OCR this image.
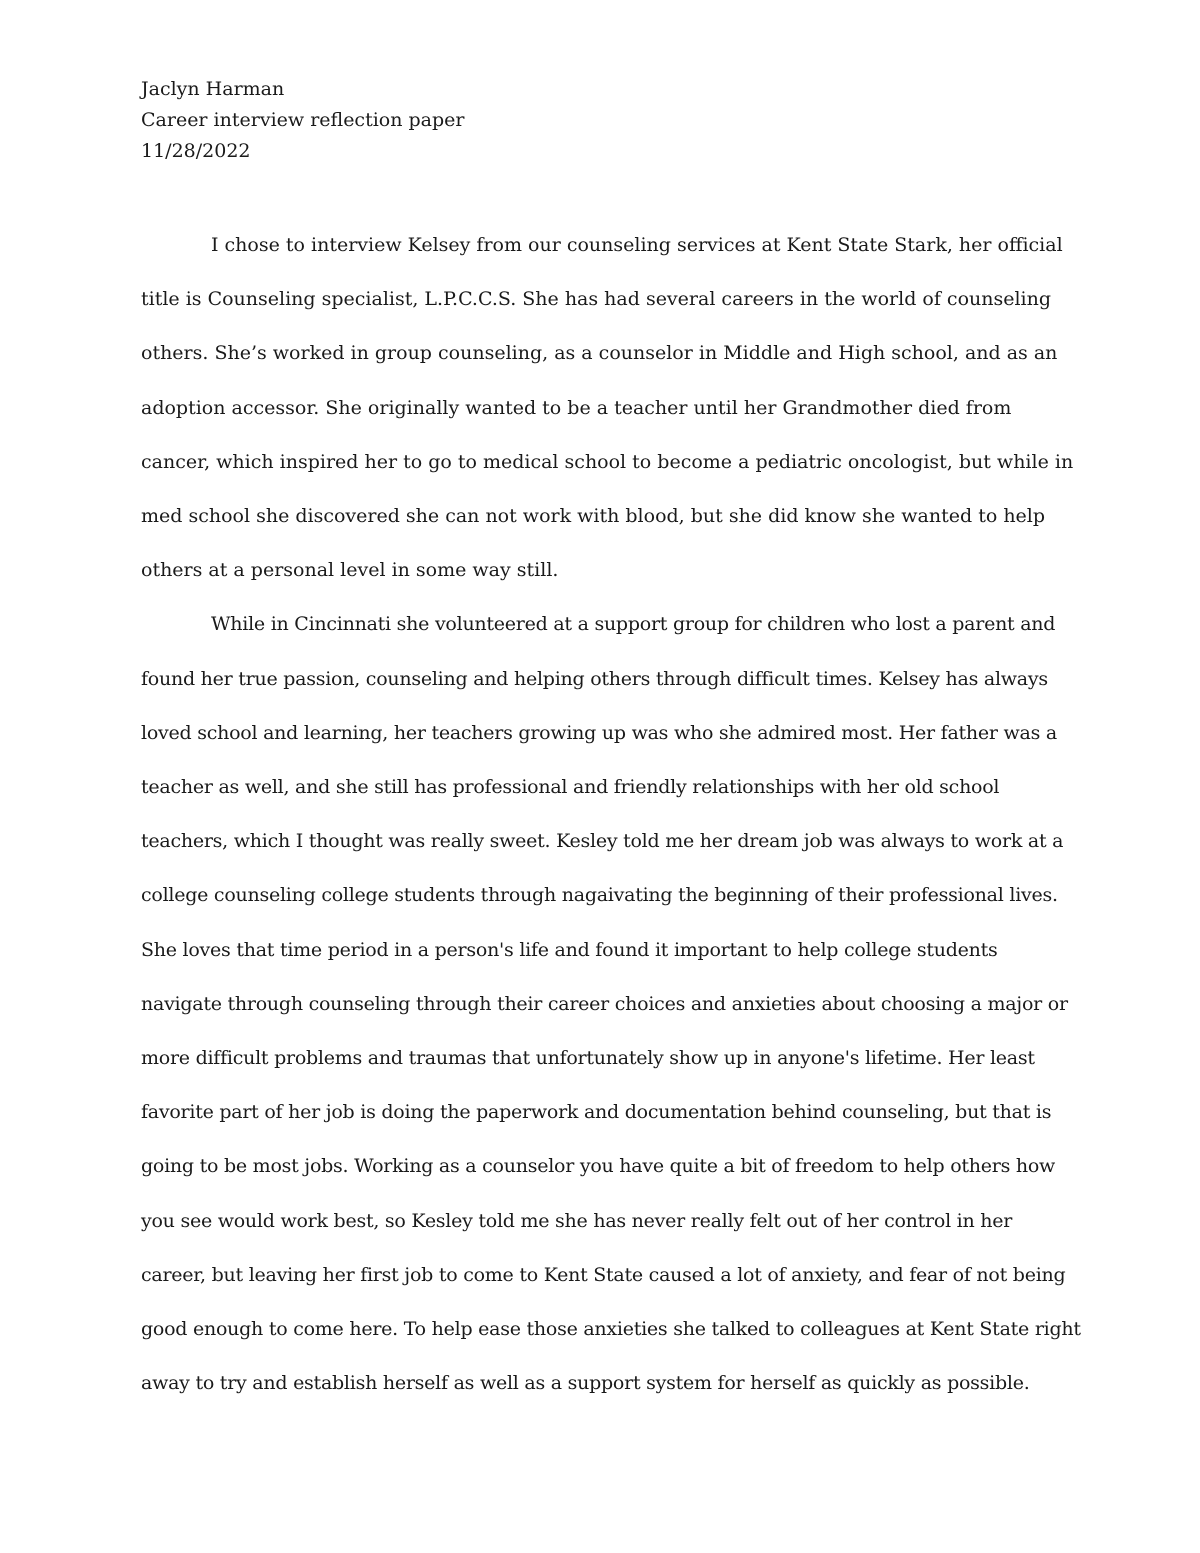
Jaclyn Harman
Career interview reflection paper
11/28/2022

I chose to interview Kelsey from our counseling services at Kent State Stark, her official title is Counseling specialist, L.P.C.C.S. She has had several careers in the world of counseling others. She’s worked in group counseling, as a counselor in Middle and High school, and as an adoption accessor. She originally wanted to be a teacher until her Grandmother died from cancer, which inspired her to go to medical school to become a pediatric oncologist, but while in med school she discovered she can not work with blood, but she did know she wanted to help others at a personal level in some way still.

While in Cincinnati she volunteered at a support group for children who lost a parent and found her true passion, counseling and helping others through difficult times. Kelsey has always loved school and learning, her teachers growing up was who she admired most. Her father was a teacher as well, and she still has professional and friendly relationships with her old school teachers, which I thought was really sweet. Kesley told me her dream job was always to work at a college counseling college students through nagaivating the beginning of their professional lives. She loves that time period in a person's life and found it important to help college students navigate through counseling through their career choices and anxieties about choosing a major or more difficult problems and traumas that unfortunately show up in anyone's lifetime. Her least favorite part of her job is doing the paperwork and documentation behind counseling, but that is going to be most jobs. Working as a counselor you have quite a bit of freedom to help others how you see would work best, so Kesley told me she has never really felt out of her control in her career, but leaving her first job to come to Kent State caused a lot of anxiety, and fear of not being good enough to come here. To help ease those anxieties she talked to colleagues at Kent State right away to try and establish herself as well as a support system for herself as quickly as possible.
